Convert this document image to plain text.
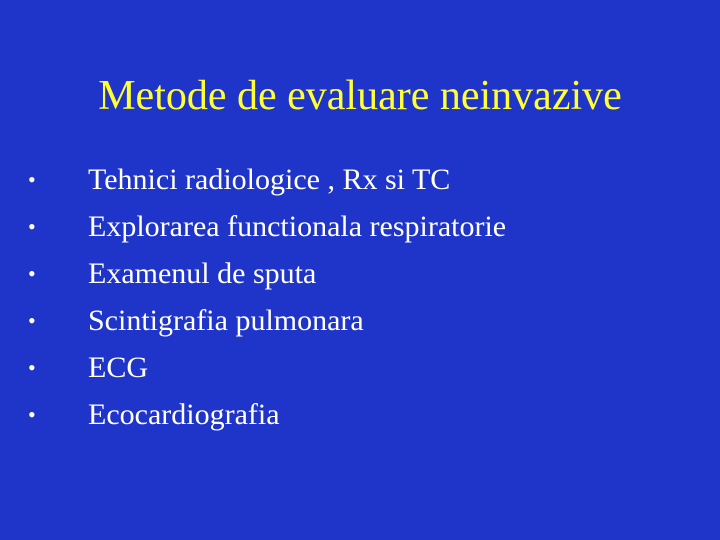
Metode de evaluare neinvazive
•	Tehnici radiologice , Rx si TC
•	Explorarea functionala respiratorie
•	Examenul de sputa
•	Scintigrafia pulmonara
•	ECG
•	Ecocardiografia
